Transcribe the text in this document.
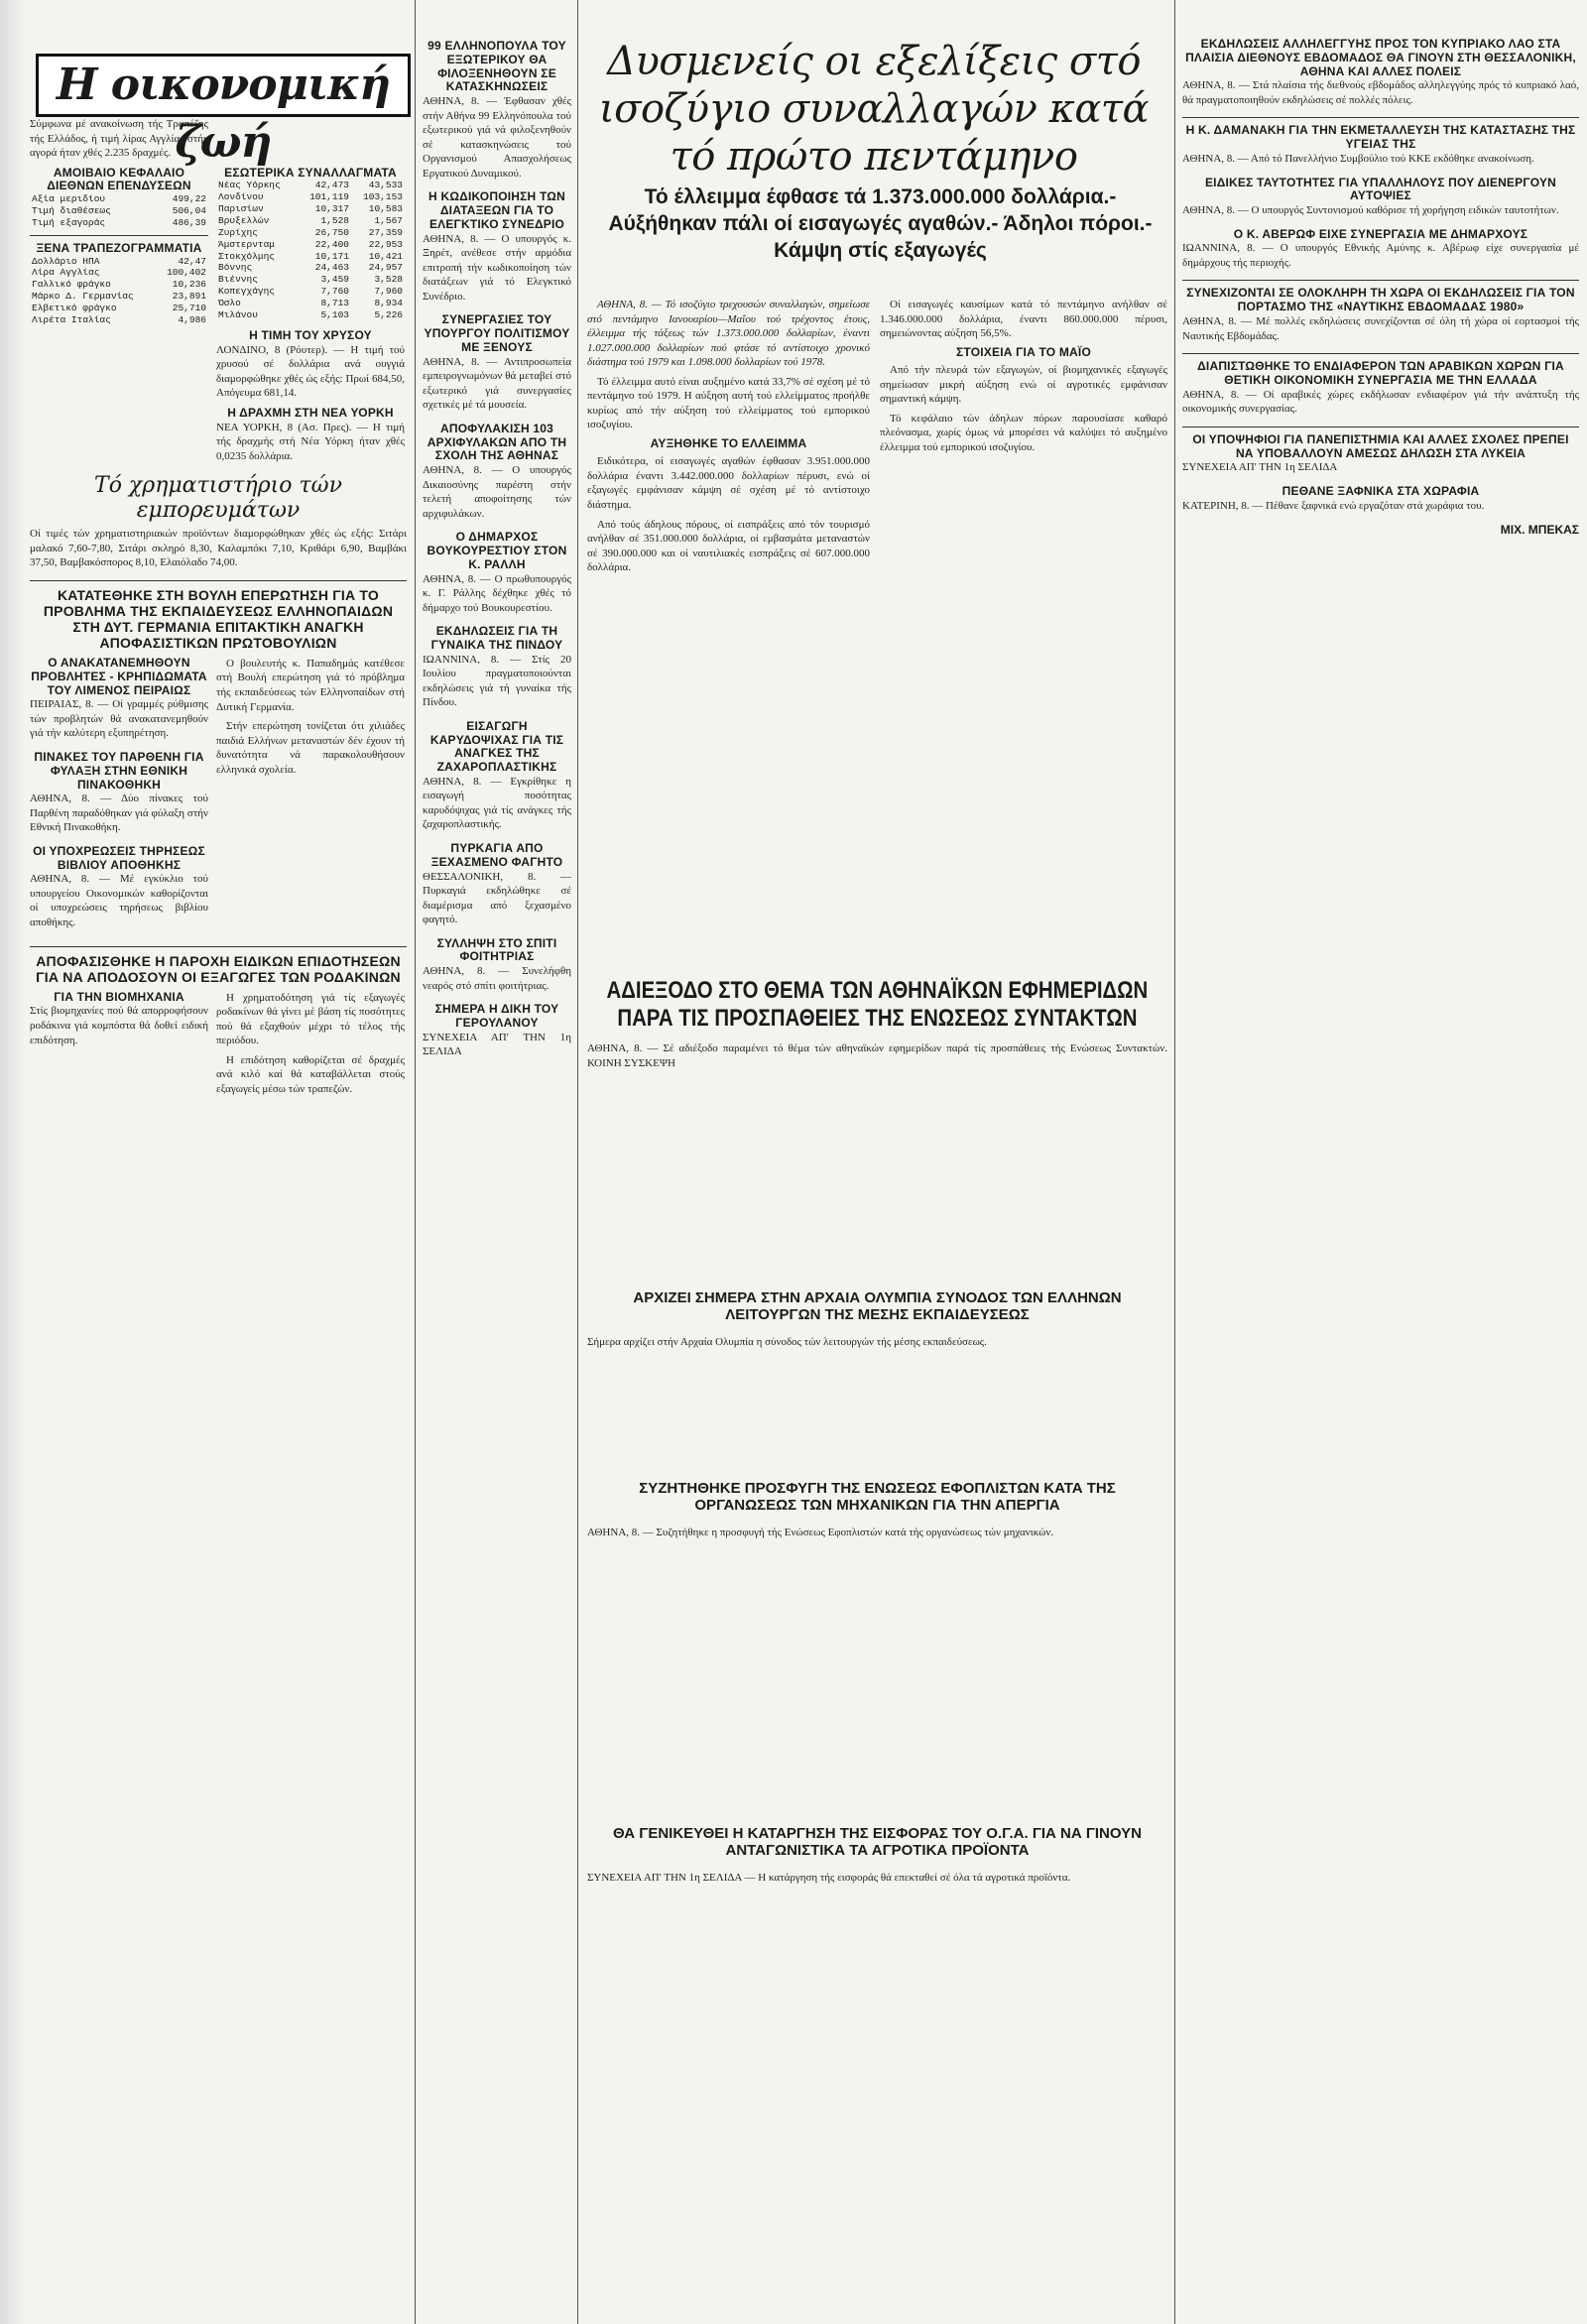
Η οικονομική ζωή
Σύμφωνα μέ ανακοίνωση τής Τραπέζης τής Ελλάδος, ή τιμή λίρας Αγγλίας στήν αγορά ήταν χθές 2.235 δραχμές.
ΑΜΟΙΒΑΙΟ ΚΕΦΑΛΑΙΟ ΔΙΕΘΝΩΝ ΕΠΕΝΔΥΣΕΩΝ
Αξία μεριδίου	499,22
Τιμή διαθέσεως	506,04
Τιμή εξαγοράς	486,39
ΞΕΝΑ ΤΡΑΠΕΖΟΓΡΑΜΜΑΤΙΑ
Δολλάριο ΗΠΑ	42,47
Λίρα Αγγλίας	100,402
Γαλλικό φράγκο	10,236
Μάρκο Δ. Γερμανίας	23,891
Ελβετικό φράγκο	25,710
Λιρέτα Ιταλίας	4,986
ΕΣΩΤΕΡΙΚΑ ΣΥΝΑΛΛΑΓΜΑΤΑ
Νέας Υόρκης	42,473	43,533
Λονδίνου	101,119	103,153
Παρισίων	10,317	10,583
Βρυξελλών	1,528	1,567
Ζυρίχης	26,750	27,359
Άμστερνταμ	22,400	22,953
Στοκχόλμης	10,171	10,421
Βόννης	24,463	24,957
Βιέννης	3,459	3,528
Κοπεγχάγης	7,760	7,960
Όσλο	8,713	8,934
Μιλάνου	5,103	5,226
Η ΤΙΜΗ ΤΟΥ ΧΡΥΣΟΥ
ΛΟΝΔΙΝΟ, 8 (Ρόυτερ). — Η τιμή τού χρυσού σέ δολλάρια ανά ουγγιά διαμορφώθηκε χθές ώς εξής: Πρωί 684,50, Απόγευμα 681,14.
Η ΔΡΑΧΜΗ ΣΤΗ ΝΕΑ ΥΟΡΚΗ
ΝΕΑ ΥΟΡΚΗ, 8 (Ασ. Πρες). — Η τιμή τής δραχμής στή Νέα Υόρκη ήταν χθές 0,0235 δολλάρια.
Τό χρηματιστήριο τών εμπορευμάτων
Οί τιμές τών χρηματιστηριακών προϊόντων διαμορφώθηκαν χθές ώς εξής: Σιτάρι μαλακό 7,60-7,80, Σιτάρι σκληρό 8,30, Καλαμπόκι 7,10, Κριθάρι 6,90, Βαμβάκι 37,50, Βαμβακόσπορος 8,10, Ελαιόλαδο 74,00.
ΚΑΤΑΤΕΘΗΚΕ ΣΤΗ ΒΟΥΛΗ ΕΠΕΡΩΤΗΣΗ ΓΙΑ ΤΟ ΠΡΟΒΛΗΜΑ ΤΗΣ ΕΚΠΑΙΔΕΥΣΕΩΣ ΕΛΛΗΝΟΠΑΙΔΩΝ ΣΤΗ ΔΥΤ. ΓΕΡΜΑΝΙΑ ΕΠΙΤΑΚΤΙΚΗ ΑΝΑΓΚΗ ΑΠΟΦΑΣΙΣΤΙΚΩΝ ΠΡΩΤΟΒΟΥΛΙΩΝ
Ο ΑΝΑΚΑΤΑΝΕΜΗΘΟΥΝ ΠΡΟΒΛΗΤΕΣ - ΚΡΗΠΙΔΩΜΑΤΑ ΤΟΥ ΛΙΜΕΝΟΣ ΠΕΙΡΑΙΩΣ
ΠΕΙΡΑΙΑΣ, 8. — Οί γραμμές ρύθμισης τών προβλητών θά ανακατανεμηθούν γιά τήν καλύτερη εξυπηρέτηση.
ΠΙΝΑΚΕΣ ΤΟΥ ΠΑΡΘΕΝΗ ΓΙΑ ΦΥΛΑΞΗ ΣΤΗΝ ΕΘΝΙΚΗ ΠΙΝΑΚΟΘΗΚΗ
ΑΘΗΝΑ, 8. — Δύο πίνακες τού Παρθένη παραδόθηκαν γιά φύλαξη στήν Εθνική Πινακοθήκη.
ΟΙ ΥΠΟΧΡΕΩΣΕΙΣ ΤΗΡΗΣΕΩΣ ΒΙΒΛΙΟΥ ΑΠΟΘΗΚΗΣ
ΑΘΗΝΑ, 8. — Μέ εγκύκλιο τού υπουργείου Οικονομικών καθορίζονται οί υποχρεώσεις τηρήσεως βιβλίου αποθήκης.

Ο βουλευτής κ. Παπαδημάς κατέθεσε στή Βουλή επερώτηση γιά τό πρόβλημα τής εκπαιδεύσεως τών Ελληνοπαίδων στή Δυτική Γερμανία.

Στήν επερώτηση τονίζεται ότι χιλιάδες παιδιά Ελλήνων μεταναστών δέν έχουν τή δυνατότητα νά παρακολουθήσουν ελληνικά σχολεία.

ΑΠΟΦΑΣΙΣΘΗΚΕ Η ΠΑΡΟΧΗ ΕΙΔΙΚΩΝ ΕΠΙΔΟΤΗΣΕΩΝ ΓΙΑ ΝΑ ΑΠΟΔΟΣΟΥΝ ΟΙ ΕΞΑΓΩΓΕΣ ΤΩΝ ΡΟΔΑΚΙΝΩΝ
ΓΙΑ ΤΗΝ ΒΙΟΜΗΧΑΝΙΑ
Στίς βιομηχανίες πού θά απορροφήσουν ροδάκινα γιά κομπόστα θά δοθεί ειδική επιδότηση.

Η χρηματοδότηση γιά τίς εξαγωγές ροδακίνων θά γίνει μέ βάση τίς ποσότητες πού θά εξαχθούν μέχρι τό τέλος τής περιόδου.

Η επιδότηση καθορίζεται σέ δραχμές ανά κιλό καί θά καταβάλλεται στούς εξαγωγείς μέσω τών τραπεζών.

99 ΕΛΛΗΝΟΠΟΥΛΑ ΤΟΥ ΕΞΩΤΕΡΙΚΟΥ ΘΑ ΦΙΛΟΞΕΝΗΘΟΥΝ ΣΕ ΚΑΤΑΣΚΗΝΩΣΕΙΣ
ΑΘΗΝΑ, 8. — Έφθασαν χθές στήν Αθήνα 99 Ελληνόπουλα τού εξωτερικού γιά νά φιλοξενηθούν σέ κατασκηνώσεις τού Οργανισμού Απασχολήσεως Εργατικού Δυναμικού.
Η ΚΩΔΙΚΟΠΟΙΗΣΗ ΤΩΝ ΔΙΑΤΑΞΕΩΝ ΓΙΑ ΤΟ ΕΛΕΓΚΤΙΚΟ ΣΥΝΕΔΡΙΟ
ΑΘΗΝΑ, 8. — Ο υπουργός κ. Ξηρέτ, ανέθεσε στήν αρμόδια επιτροπή τήν κωδικοποίηση τών διατάξεων γιά τό Ελεγκτικό Συνέδριο.
ΣΥΝΕΡΓΑΣΙΕΣ ΤΟΥ ΥΠΟΥΡΓΟΥ ΠΟΛΙΤΙΣΜΟΥ ΜΕ ΞΕΝΟΥΣ
ΑΘΗΝΑ, 8. — Αντιπροσωπεία εμπειρογνωμόνων θά μεταβεί στό εξωτερικό γιά συνεργασίες σχετικές μέ τά μουσεία.
ΑΠΟΦΥΛΑΚΙΣΗ 103 ΑΡΧΙΦΥΛΑΚΩΝ ΑΠΟ ΤΗ ΣΧΟΛΗ ΤΗΣ ΑΘΗΝΑΣ
ΑΘΗΝΑ, 8. — Ο υπουργός Δικαιοσύνης παρέστη στήν τελετή αποφοίτησης τών αρχιφυλάκων.
Ο ΔΗΜΑΡΧΟΣ ΒΟΥΚΟΥΡΕΣΤΙΟΥ ΣΤΟΝ Κ. ΡΑΛΛΗ
ΑΘΗΝΑ, 8. — Ο πρωθυπουργός κ. Γ. Ράλλης δέχθηκε χθές τό δήμαρχο τού Βουκουρεστίου.
ΕΚΔΗΛΩΣΕΙΣ ΓΙΑ ΤΗ ΓΥΝΑΙΚΑ ΤΗΣ ΠΙΝΔΟΥ
ΙΩΑΝΝΙΝΑ, 8. — Στίς 20 Ιουλίου πραγματοποιούνται εκδηλώσεις γιά τή γυναίκα τής Πίνδου.
ΕΙΣΑΓΩΓΗ ΚΑΡΥΔΟΨΙΧΑΣ ΓΙΑ ΤΙΣ ΑΝΑΓΚΕΣ ΤΗΣ ΖΑΧΑΡΟΠΛΑΣΤΙΚΗΣ
ΑΘΗΝΑ, 8. — Εγκρίθηκε η εισαγωγή ποσότητας καρυδόψιχας γιά τίς ανάγκες τής ζαχαροπλαστικής.
ΠΥΡΚΑΓΙΑ ΑΠΟ ΞΕΧΑΣΜΕΝΟ ΦΑΓΗΤΟ
ΘΕΣΣΑΛΟΝΙΚΗ, 8. — Πυρκαγιά εκδηλώθηκε σέ διαμέρισμα από ξεχασμένο φαγητό.
ΣΥΛΛΗΨΗ ΣΤΟ ΣΠΙΤΙ ΦΟΙΤΗΤΡΙΑΣ
ΑΘΗΝΑ, 8. — Συνελήφθη νεαρός στό σπίτι φοιτήτριας.
ΣΗΜΕΡΑ Η ΔΙΚΗ ΤΟΥ ΓΕΡΟΥΛΑΝΟΥ
ΣΥΝΕΧΕΙΑ ΑΠ' ΤΗΝ 1η ΣΕΛΙΔΑ
Δυσμενείς οι εξελίξεις στό ισοζύγιο συναλλαγών κατά τό πρώτο πεντάμηνο
Τό έλλειμμα έφθασε τά 1.373.000.000 δολλάρια.- Αύξήθηκαν πάλι οί εισαγωγές αγαθών.- Άδηλοι πόροι.- Κάμψη στίς εξαγωγές

ΑΘΗΝΑ, 8. — Τό ισοζύγιο τρεχουσών συναλλαγών, σημείωσε στό πεντάμηνο Ιανουαρίου—Μαΐου τού τρέχοντος έτους, έλλειμμα τής τάξεως τών 1.373.000.000 δολλαρίων, έναντι 1.027.000.000 δολλαρίων πού φτάσε τό αντίστοιχο χρονικό διάστημα τού 1979 και 1.098.000 δολλαρίων τού 1978.

Τό έλλειμμα αυτό είναι αυξημένο κατά 33,7% σέ σχέση μέ τό πεντάμηνο τού 1979. Η αύξηση αυτή τού ελλείμματος προήλθε κυρίως από τήν αύξηση τού ελλείμματος τού εμπορικού ισοζυγίου.

ΑΥΞΗΘΗΚΕ ΤΟ ΕΛΛΕΙΜΜΑ

Ειδικότερα, οί εισαγωγές αγαθών έφθασαν 3.951.000.000 δολλάρια έναντι 3.442.000.000 δολλαρίων πέρυσι, ενώ οί εξαγωγές εμφάνισαν κάμψη σέ σχέση μέ τό αντίστοιχο διάστημα.

Από τούς άδηλους πόρους, οί εισπράξεις από τόν τουρισμό ανήλθαν σέ 351.000.000 δολλάρια, οί εμβασμάτα μεταναστών σέ 390.000.000 και οί ναυτιλιακές εισπράξεις σέ 607.000.000 δολλάρια.

Οί εισαγωγές καυσίμων κατά τό πεντάμηνο ανήλθαν σέ 1.346.000.000 δολλάρια, έναντι 860.000.000 πέρυσι, σημειώνοντας αύξηση 56,5%.

ΣΤΟΙΧΕΙΑ ΓΙΑ ΤΟ ΜΑΪΟ

Από τήν πλευρά τών εξαγωγών, οί βιομηχανικές εξαγωγές σημείωσαν μικρή αύξηση ενώ οί αγροτικές εμφάνισαν σημαντική κάμψη.

Τό κεφάλαιο τών άδηλων πόρων παρουσίασε καθαρό πλεόνασμα, χωρίς όμως νά μπορέσει νά καλύψει τό αυξημένο έλλειμμα τού εμπορικού ισοζυγίου.

ΑΔΙΕΞΟΔΟ ΣΤΟ ΘΕΜΑ ΤΩΝ ΑΘΗΝΑΪΚΩΝ ΕΦΗΜΕΡΙΔΩΝ ΠΑΡΑ ΤΙΣ ΠΡΟΣΠΑΘΕΙΕΣ ΤΗΣ ΕΝΩΣΕΩΣ ΣΥΝΤΑΚΤΩΝ
ΑΘΗΝΑ, 8. — Σέ αδιέξοδο παραμένει τό θέμα τών αθηναϊκών εφημερίδων παρά τίς προσπάθειες τής Ενώσεως Συντακτών. ΚΟΙΝΗ ΣΥΣΚΕΨΗ
ΑΡΧΙΖΕΙ ΣΗΜΕΡΑ ΣΤΗΝ ΑΡΧΑΙΑ ΟΛΥΜΠΙΑ ΣΥΝΟΔΟΣ ΤΩΝ ΕΛΛΗΝΩΝ ΛΕΙΤΟΥΡΓΩΝ ΤΗΣ ΜΕΣΗΣ ΕΚΠΑΙΔΕΥΣΕΩΣ
Σήμερα αρχίζει στήν Αρχαία Ολυμπία η σύνοδος τών λειτουργών τής μέσης εκπαιδεύσεως.
ΣΥΖΗΤΗΘΗΚΕ ΠΡΟΣΦΥΓΗ ΤΗΣ ΕΝΩΣΕΩΣ ΕΦΟΠΛΙΣΤΩΝ ΚΑΤΑ ΤΗΣ ΟΡΓΑΝΩΣΕΩΣ ΤΩΝ ΜΗΧΑΝΙΚΩΝ ΓΙΑ ΤΗΝ ΑΠΕΡΓΙΑ
ΑΘΗΝΑ, 8. — Συζητήθηκε η προσφυγή τής Ενώσεως Εφοπλιστών κατά τής οργανώσεως τών μηχανικών.
ΘΑ ΓΕΝΙΚΕΥΘΕΙ Η ΚΑΤΑΡΓΗΣΗ ΤΗΣ ΕΙΣΦΟΡΑΣ ΤΟΥ Ο.Γ.Α. ΓΙΑ ΝΑ ΓΙΝΟΥΝ ΑΝΤΑΓΩΝΙΣΤΙΚΑ ΤΑ ΑΓΡΟΤΙΚΑ ΠΡΟΪΟΝΤΑ
ΣΥΝΕΧΕΙΑ ΑΠ' ΤΗΝ 1η ΣΕΛΙΔΑ — Η κατάργηση τής εισφοράς θά επεκταθεί σέ όλα τά αγροτικά προϊόντα.
ΕΚΔΗΛΩΣΕΙΣ ΑΛΛΗΛΕΓΓΥΗΣ ΠΡΟΣ ΤΟΝ ΚΥΠΡΙΑΚΟ ΛΑΟ ΣΤΑ ΠΛΑΙΣΙΑ ΔΙΕΘΝΟΥΣ ΕΒΔΟΜΑΔΟΣ ΘΑ ΓΙΝΟΥΝ ΣΤΗ ΘΕΣΣΑΛΟΝΙΚΗ, ΑΘΗΝΑ ΚΑΙ ΑΛΛΕΣ ΠΟΛΕΙΣ
ΑΘΗΝΑ, 8. — Στά πλαίσια τής διεθνούς εβδομάδος αλληλεγγύης πρός τό κυπριακό λαό, θά πραγματοποιηθούν εκδηλώσεις σέ πολλές πόλεις.
Η Κ. ΔΑΜΑΝΑΚΗ ΓΙΑ ΤΗΝ ΕΚΜΕΤΑΛΛΕΥΣΗ ΤΗΣ ΚΑΤΑΣΤΑΣΗΣ ΤΗΣ ΥΓΕΙΑΣ ΤΗΣ
ΑΘΗΝΑ, 8. — Από τό Πανελλήνιο Συμβούλιο τού ΚΚΕ εκδόθηκε ανακοίνωση.
ΕΙΔΙΚΕΣ ΤΑΥΤΟΤΗΤΕΣ ΓΙΑ ΥΠΑΛΛΗΛΟΥΣ ΠΟΥ ΔΙΕΝΕΡΓΟΥΝ ΑΥΤΟΨΙΕΣ
ΑΘΗΝΑ, 8. — Ο υπουργός Συντονισμού καθόρισε τή χορήγηση ειδικών ταυτοτήτων.
Ο Κ. ΑΒΕΡΩΦ ΕΙΧΕ ΣΥΝΕΡΓΑΣΙΑ ΜΕ ΔΗΜΑΡΧΟΥΣ
ΙΩΑΝΝΙΝΑ, 8. — Ο υπουργός Εθνικής Αμύνης κ. Αβέρωφ είχε συνεργασία μέ δημάρχους τής περιοχής.
ΣΥΝΕΧΙΖΟΝΤΑΙ ΣΕ ΟΛΟΚΛΗΡΗ ΤΗ ΧΩΡΑ ΟΙ ΕΚΔΗΛΩΣΕΙΣ ΓΙΑ ΤΟΝ ΠΟΡΤΑΣΜΟ ΤΗΣ «ΝΑΥΤΙΚΗΣ ΕΒΔΟΜΑΔΑΣ 1980»
ΑΘΗΝΑ, 8. — Μέ πολλές εκδηλώσεις συνεχίζονται σέ όλη τή χώρα οί εορτασμοί τής Ναυτικής Εβδομάδας.
ΔΙΑΠΙΣΤΩΘΗΚΕ ΤΟ ΕΝΔΙΑΦΕΡΟΝ ΤΩΝ ΑΡΑΒΙΚΩΝ ΧΩΡΩΝ ΓΙΑ ΘΕΤΙΚΗ ΟΙΚΟΝΟΜΙΚΗ ΣΥΝΕΡΓΑΣΙΑ ΜΕ ΤΗΝ ΕΛΛΑΔΑ
ΑΘΗΝΑ, 8. — Οί αραβικές χώρες εκδήλωσαν ενδιαφέρον γιά τήν ανάπτυξη τής οικονομικής συνεργασίας.
ΟΙ ΥΠΟΨΗΦΙΟΙ ΓΙΑ ΠΑΝΕΠΙΣΤΗΜΙΑ ΚΑΙ ΑΛΛΕΣ ΣΧΟΛΕΣ ΠΡΕΠΕΙ ΝΑ ΥΠΟΒΑΛΛΟΥΝ ΑΜΕΣΩΣ ΔΗΛΩΣΗ ΣΤΑ ΛΥΚΕΙΑ
ΣΥΝΕΧΕΙΑ ΑΠ' ΤΗΝ 1η ΣΕΛΙΔΑ
ΠΕΘΑΝΕ ΞΑΦΝΙΚΑ ΣΤΑ ΧΩΡΑΦΙΑ
ΚΑΤΕΡΙΝΗ, 8. — Πέθανε ξαφνικά ενώ εργαζόταν στά χωράφια του.
ΜΙΧ. ΜΠΕΚΑΣ
